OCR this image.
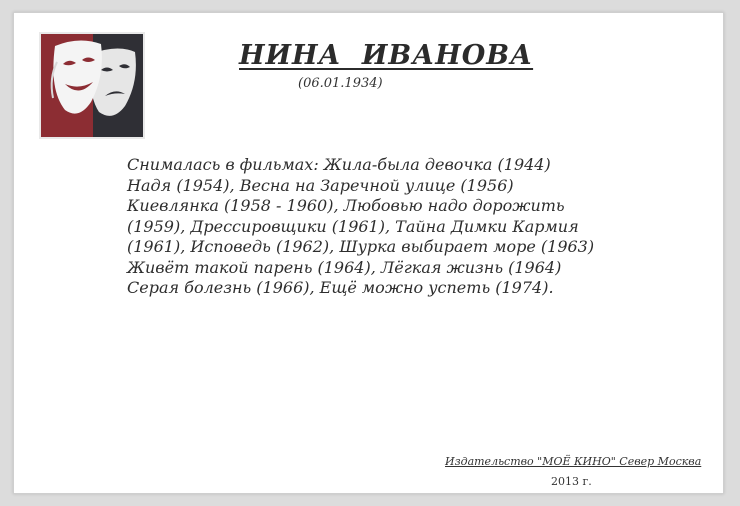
НИНА ИВАНОВА
(06.01.1934)
Снималась в фильмах: Жила-была девочка (1944)
Надя (1954), Весна на Заречной улице (1956)
Киевлянка (1958 - 1960), Любовью надо дорожить
(1959), Дрессировщики (1961), Тайна Димки Кармия
(1961), Исповедь (1962), Шурка выбирает море (1963)
Живёт такой парень (1964), Лёгкая жизнь (1964)
Серая болезнь (1966), Ещё можно успеть (1974).
Издательство "МОЁ КИНО" Север Москва
2013 г.
